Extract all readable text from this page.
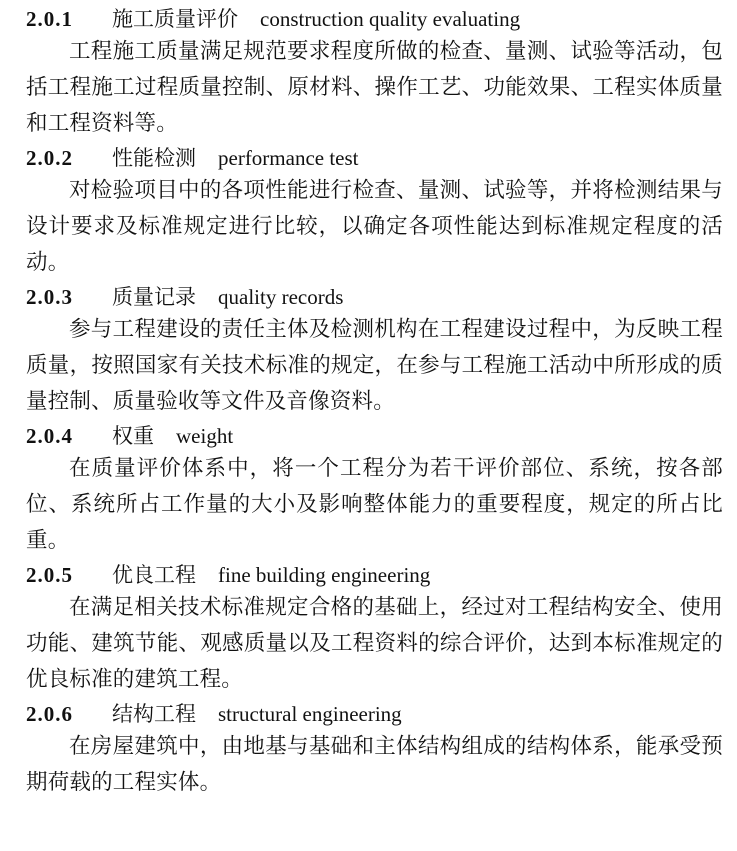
2.0.1	施工质量评价 construction quality evaluating

工程施工质量满足规范要求程度所做的检查、量测、试验等活动，包括工程施工过程质量控制、原材料、操作工艺、功能效果、工程实体质量和工程资料等。

2.0.2	性能检测 performance test

对检验项目中的各项性能进行检查、量测、试验等，并将检测结果与设计要求及标准规定进行比较，以确定各项性能达到标准规定程度的活动。

2.0.3	质量记录 quality records

参与工程建设的责任主体及检测机构在工程建设过程中，为反映工程质量，按照国家有关技术标准的规定，在参与工程施工活动中所形成的质量控制、质量验收等文件及音像资料。

2.0.4	权重 weight

在质量评价体系中，将一个工程分为若干评价部位、系统，按各部位、系统所占工作量的大小及影响整体能力的重要程度，规定的所占比重。

2.0.5	优良工程 fine building engineering

在满足相关技术标准规定合格的基础上，经过对工程结构安全、使用功能、建筑节能、观感质量以及工程资料的综合评价，达到本标准规定的优良标准的建筑工程。

2.0.6	结构工程 structural engineering

在房屋建筑中，由地基与基础和主体结构组成的结构体系，能承受预期荷载的工程实体。
